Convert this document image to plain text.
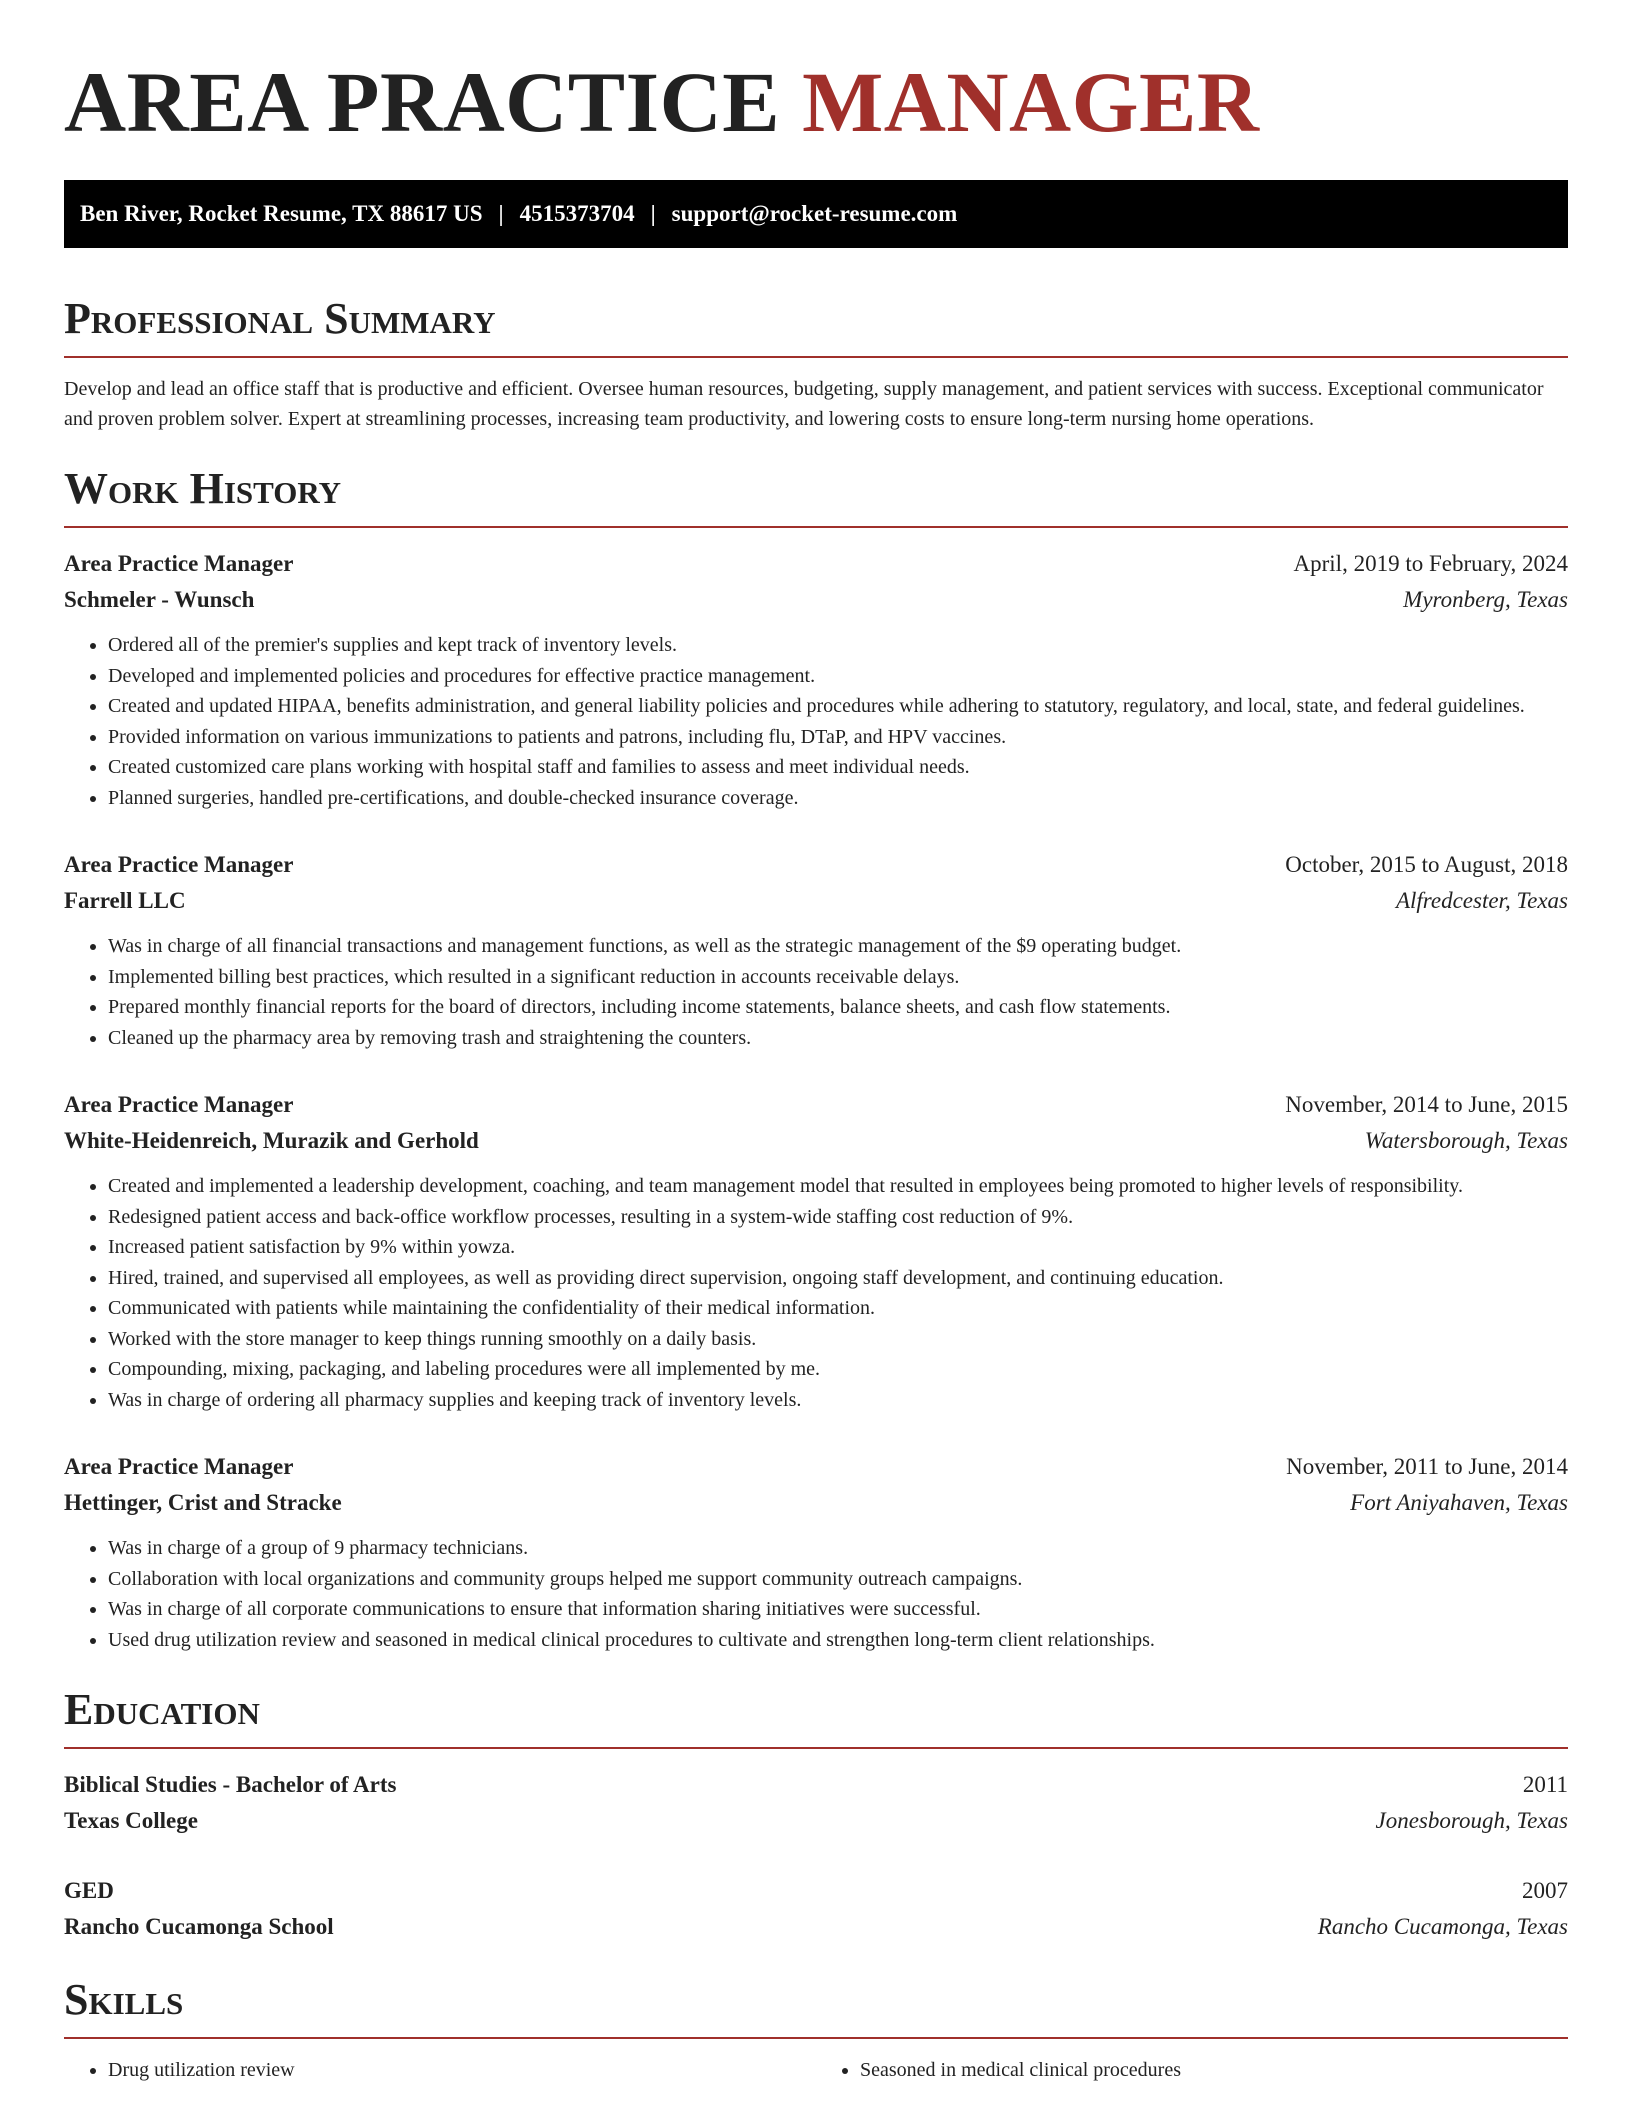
AREA PRACTICE MANAGER
Ben River, Rocket Resume, TX 88617 US | 4515373704 | support@rocket-resume.com
Professional Summary

Develop and lead an office staff that is productive and efficient. Oversee human resources, budgeting, supply management, and patient services with success. Exceptional communicator and proven problem solver. Expert at streamlining processes, increasing team productivity, and lowering costs to ensure long-term nursing home operations.

Work History
Area Practice Manager	April, 2019 to February, 2024
Schmeler - Wunsch	Myronberg, Texas
• Ordered all of the premier's supplies and kept track of inventory levels.
• Developed and implemented policies and procedures for effective practice management.
• Created and updated HIPAA, benefits administration, and general liability policies and procedures while adhering to statutory, regulatory, and local, state, and federal guidelines.
• Provided information on various immunizations to patients and patrons, including flu, DTaP, and HPV vaccines.
• Created customized care plans working with hospital staff and families to assess and meet individual needs.
• Planned surgeries, handled pre-certifications, and double-checked insurance coverage.
Area Practice Manager	October, 2015 to August, 2018
Farrell LLC	Alfredcester, Texas
• Was in charge of all financial transactions and management functions, as well as the strategic management of the $9 operating budget.
• Implemented billing best practices, which resulted in a significant reduction in accounts receivable delays.
• Prepared monthly financial reports for the board of directors, including income statements, balance sheets, and cash flow statements.
• Cleaned up the pharmacy area by removing trash and straightening the counters.
Area Practice Manager	November, 2014 to June, 2015
White-Heidenreich, Murazik and Gerhold	Watersborough, Texas
• Created and implemented a leadership development, coaching, and team management model that resulted in employees being promoted to higher levels of responsibility.
• Redesigned patient access and back-office workflow processes, resulting in a system-wide staffing cost reduction of 9%.
• Increased patient satisfaction by 9% within yowza.
• Hired, trained, and supervised all employees, as well as providing direct supervision, ongoing staff development, and continuing education.
• Communicated with patients while maintaining the confidentiality of their medical information.
• Worked with the store manager to keep things running smoothly on a daily basis.
• Compounding, mixing, packaging, and labeling procedures were all implemented by me.
• Was in charge of ordering all pharmacy supplies and keeping track of inventory levels.
Area Practice Manager	November, 2011 to June, 2014
Hettinger, Crist and Stracke	Fort Aniyahaven, Texas
• Was in charge of a group of 9 pharmacy technicians.
• Collaboration with local organizations and community groups helped me support community outreach campaigns.
• Was in charge of all corporate communications to ensure that information sharing initiatives were successful.
• Used drug utilization review and seasoned in medical clinical procedures to cultivate and strengthen long-term client relationships.
Education
Biblical Studies - Bachelor of Arts	2011
Texas College	Jonesborough, Texas
GED	2007
Rancho Cucamonga School	Rancho Cucamonga, Texas
Skills
• Drug utilization review
•	Seasoned in medical clinical procedures
